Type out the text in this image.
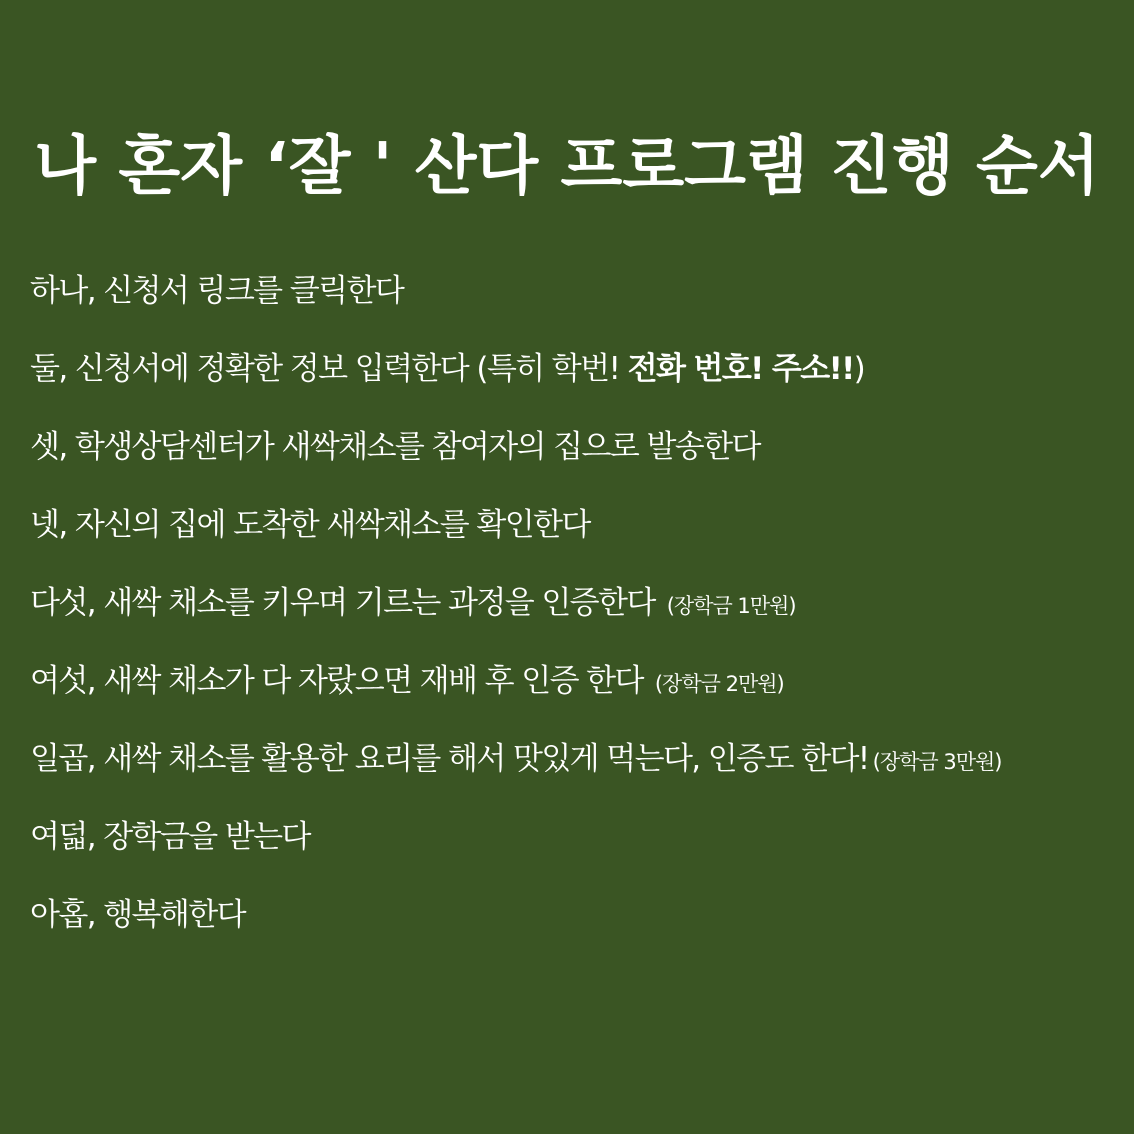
나 혼자 ‘잘 ' 산다 프로그램 진행 순서
하나, 신청서 링크를 클릭한다
둘, 신청서에 정확한 정보 입력한다 (특히 학번! 전화 번호! 주소!!)
셋, 학생상담센터가 새싹채소를 참여자의 집으로 발송한다
넷, 자신의 집에 도착한 새싹채소를 확인한다
다섯, 새싹 채소를 키우며 기르는 과정을 인증한다 (장학금 1만원)
여섯, 새싹 채소가 다 자랐으면 재배 후 인증 한다 (장학금 2만원)
일곱, 새싹 채소를 활용한 요리를 해서 맛있게 먹는다, 인증도 한다! (장학금 3만원)
여덟, 장학금을 받는다
아홉, 행복해한다
